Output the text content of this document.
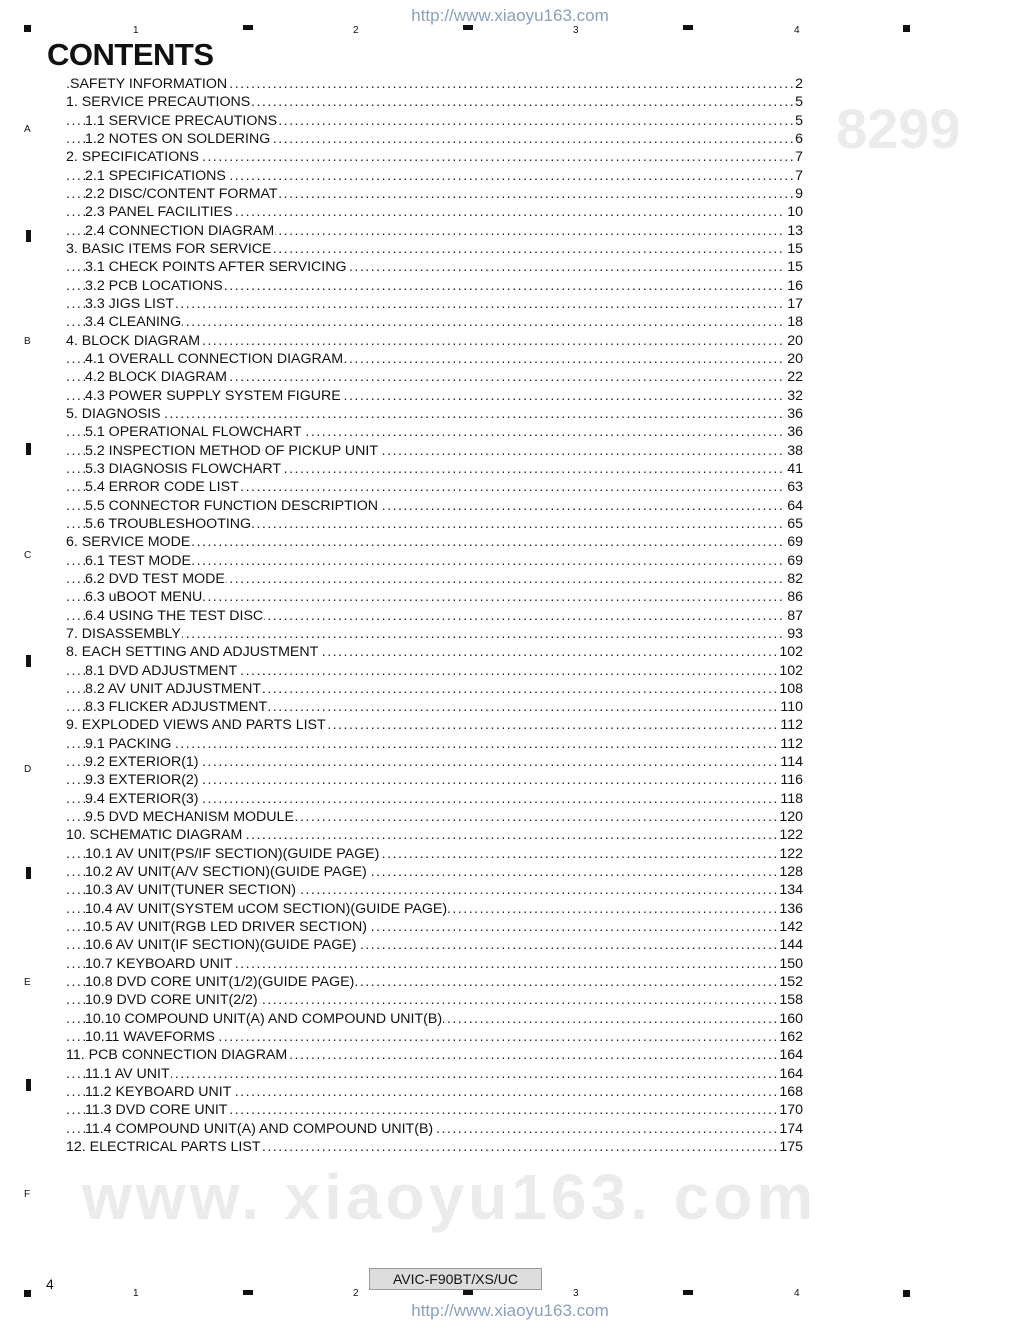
www. xiaoyu163. com
8299
http://www.xiaoyu163.com
1	2	3	4
A
B
C
D
E
F
CONTENTS
SAFETY INFORMATION	2
.....
1. SERVICE PRECAUTIONS	5
.....
1.1 SERVICE PRECAUTIONS	5
.....
1.2 NOTES ON SOLDERING	6
.....
2. SPECIFICATIONS	7
.....
2.1 SPECIFICATIONS	7
.....
2.2 DISC/CONTENT FORMAT	9
.....
2.3 PANEL FACILITIES	10
.....
2.4 CONNECTION DIAGRAM	13
.....
3. BASIC ITEMS FOR SERVICE	15
.....
3.1 CHECK POINTS AFTER SERVICING	15
.....
3.2 PCB LOCATIONS	16
.....
3.3 JIGS LIST	17
.....
3.4 CLEANING	18
.....
4. BLOCK DIAGRAM	20
.....
4.1 OVERALL CONNECTION DIAGRAM	20
.....
4.2 BLOCK DIAGRAM	22
.....
4.3 POWER SUPPLY SYSTEM FIGURE	32
.....
5. DIAGNOSIS	36
.....
5.1 OPERATIONAL FLOWCHART	36
.....
5.2 INSPECTION METHOD OF PICKUP UNIT	38
.....
5.3 DIAGNOSIS FLOWCHART	41
.....
5.4 ERROR CODE LIST	63
.....
5.5 CONNECTOR FUNCTION DESCRIPTION	64
.....
5.6 TROUBLESHOOTING	65
.....
6. SERVICE MODE	69
.....
6.1 TEST MODE	69
.....
6.2 DVD TEST MODE	82
.....
6.3 uBOOT MENU	86
.....
6.4 USING THE TEST DISC	87
.....
7. DISASSEMBLY	93
.....
8. EACH SETTING AND ADJUSTMENT	102
.....
8.1 DVD ADJUSTMENT	102
.....
8.2 AV UNIT ADJUSTMENT	108
.....
8.3 FLICKER ADJUSTMENT	110
.....
9. EXPLODED VIEWS AND PARTS LIST	112
.....
9.1 PACKING	112
.....
9.2 EXTERIOR(1)	114
.....
9.3 EXTERIOR(2)	116
.....
9.4 EXTERIOR(3)	118
.....
9.5 DVD MECHANISM MODULE	120
.....
10. SCHEMATIC DIAGRAM	122
.....
10.1 AV UNIT(PS/IF SECTION)(GUIDE PAGE)	122
.....
10.2 AV UNIT(A/V SECTION)(GUIDE PAGE)	128
.....
10.3 AV UNIT(TUNER SECTION)	134
.....
10.4 AV UNIT(SYSTEM uCOM SECTION)(GUIDE PAGE)	136
.....
10.5 AV UNIT(RGB LED DRIVER SECTION)	142
.....
10.6 AV UNIT(IF SECTION)(GUIDE PAGE)	144
.....
10.7 KEYBOARD UNIT	150
.....
10.8 DVD CORE UNIT(1/2)(GUIDE PAGE)	152
.....
10.9 DVD CORE UNIT(2/2)	158
.....
10.10 COMPOUND UNIT(A) AND COMPOUND UNIT(B)	160
.....
10.11 WAVEFORMS	162
.....
11. PCB CONNECTION DIAGRAM	164
.....
11.1 AV UNIT	164
.....
11.2 KEYBOARD UNIT	168
.....
11.3 DVD CORE UNIT	170
.....
11.4 COMPOUND UNIT(A) AND COMPOUND UNIT(B)	174
.....
12. ELECTRICAL PARTS LIST	175
.....
4	AVIC-F90BT/XS/UC
1	2	3	4
http://www.xiaoyu163.com
